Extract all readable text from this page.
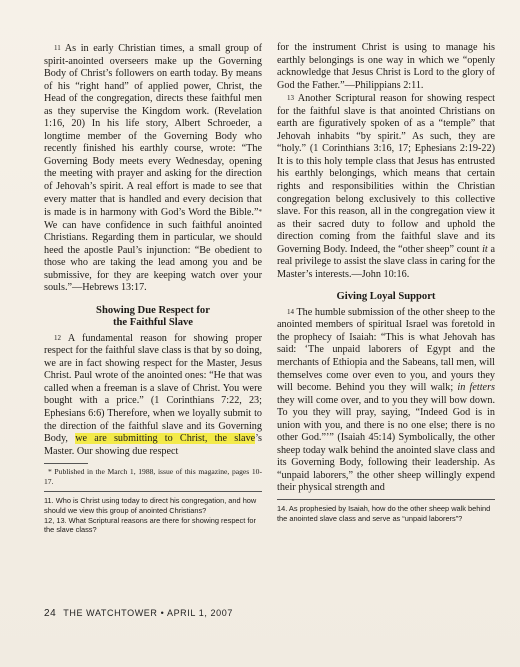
11 As in early Christian times, a small group of spirit-anointed overseers make up the Governing Body of Christ’s followers on earth today. By means of his “right hand” of applied power, Christ, the Head of the congregation, directs these faithful men as they supervise the Kingdom work. (Revelation 1:16, 20) In his life story, Albert Schroeder, a longtime member of the Governing Body who recently finished his earthly course, wrote: “The Governing Body meets every Wednesday, opening the meeting with prayer and asking for the direction of Jehovah’s spirit. A real effort is made to see that every matter that is handled and every decision that is made is in harmony with God’s Word the Bible.”* We can have confidence in such faithful anointed Christians. Regarding them in particular, we should heed the apostle Paul’s injunction: “Be obedient to those who are taking the lead among you and be submissive, for they are keeping watch over your souls.”—Hebrews 13:17.

Showing Due Respect for
the Faithful Slave

12 A fundamental reason for showing proper respect for the faithful slave class is that by so doing, we are in fact showing respect for the Master, Jesus Christ. Paul wrote of the anointed ones: “He that was called when a freeman is a slave of Christ. You were bought with a price.” (1 Corinthians 7:22, 23; Ephesians 6:6) Therefore, when we loyally submit to the direction of the faithful slave and its Governing Body, we are submitting to Christ, the slave’s Master. Our showing due respect

* Published in the March 1, 1988, issue of this magazine, pages 10-17.
11. Who is Christ using today to direct his congregation, and how should we view this group of anointed Christians?
12, 13. What Scriptural reasons are there for showing respect for the slave class?

for the instrument Christ is using to manage his earthly belongings is one way in which we “openly acknowledge that Jesus Christ is Lord to the glory of God the Father.”—Philippians 2:11.

13 Another Scriptural reason for showing respect for the faithful slave is that anointed Christians on earth are figuratively spoken of as a “temple” that Jehovah inhabits “by spirit.” As such, they are “holy.” (1 Corinthians 3:16, 17; Ephesians 2:19-22) It is to this holy temple class that Jesus has entrusted his earthly belongings, which means that certain rights and responsibilities within the Christian congregation belong exclusively to this collective slave. For this reason, all in the congregation view it as their sacred duty to follow and uphold the direction coming from the faithful slave and its Governing Body. Indeed, the “other sheep” count it a real privilege to assist the slave class in caring for the Master’s interests.—John 10:16.

Giving Loyal Support

14 The humble submission of the other sheep to the anointed members of spiritual Israel was foretold in the prophecy of Isaiah: “This is what Jehovah has said: ‘The unpaid laborers of Egypt and the merchants of Ethiopia and the Sabeans, tall men, will themselves come over even to you, and yours they will become. Behind you they will walk; in fetters they will come over, and to you they will bow down. To you they will pray, saying, “Indeed God is in union with you, and there is no one else; there is no other God.”’” (Isaiah 45:14) Symbolically, the other sheep today walk behind the anointed slave class and its Governing Body, following their leadership. As “unpaid laborers,” the other sheep willingly expend their physical strength and

14. As prophesied by Isaiah, how do the other sheep walk behind the anointed slave class and serve as “unpaid laborers”?
24 THE WATCHTOWER • APRIL 1, 2007
